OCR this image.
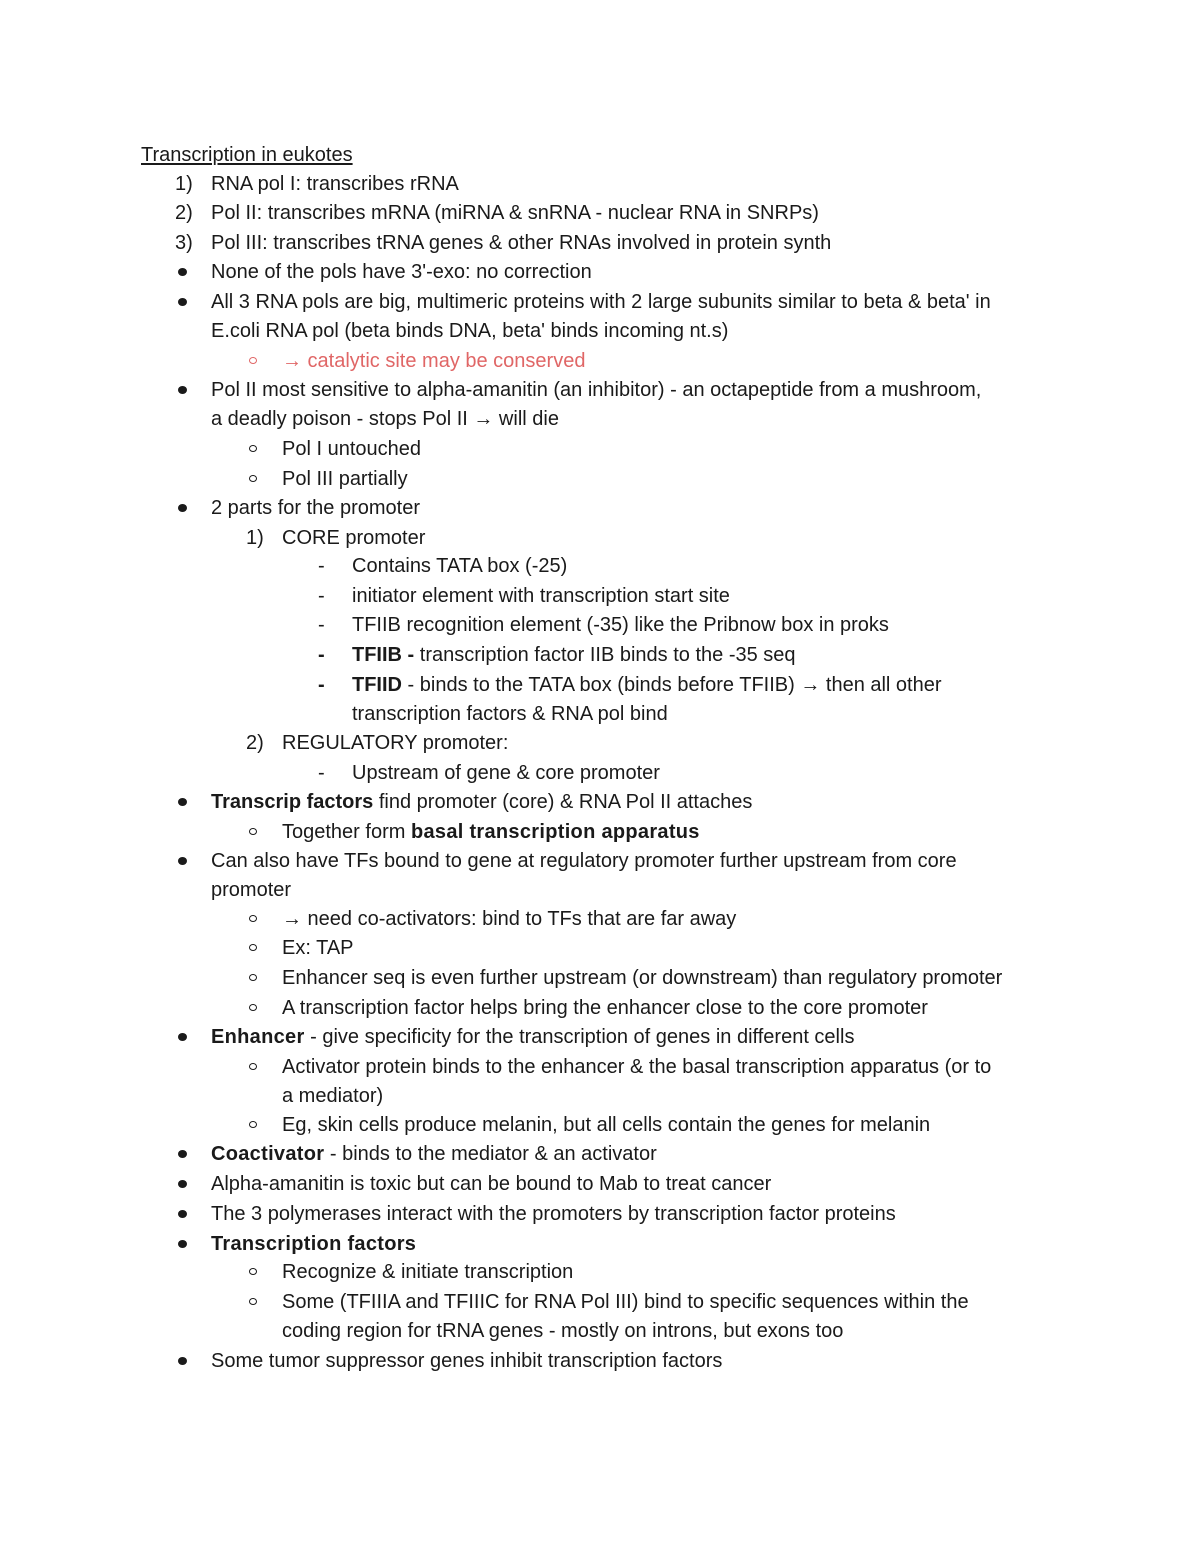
Transcription in eukotes
1) RNA pol I: transcribes rRNA
2) Pol II: transcribes mRNA (miRNA & snRNA - nuclear RNA in SNRPs)
3) Pol III: transcribes tRNA genes & other RNAs involved in protein synth
None of the pols have 3'-exo: no correction
All 3 RNA pols are big, multimeric proteins with 2 large subunits similar to beta & beta' in
E.coli RNA pol (beta binds DNA, beta' binds incoming nt.s)
→ catalytic site may be conserved
Pol II most sensitive to alpha-amanitin (an inhibitor) - an octapeptide from a mushroom,
a deadly poison - stops Pol II → will die
Pol I untouched
Pol III partially
2 parts for the promoter
1) CORE promoter
- Contains TATA box (-25)
- initiator element with transcription start site
- TFIIB recognition element (-35) like the Pribnow box in proks
- TFIIB - transcription factor IIB binds to the -35 seq
- TFIID - binds to the TATA box (binds before TFIIB) → then all other
transcription factors & RNA pol bind
2) REGULATORY promoter:
- Upstream of gene & core promoter
Transcrip factors find promoter (core) & RNA Pol II attaches
Together form basal transcription apparatus
Can also have TFs bound to gene at regulatory promoter further upstream from core
promoter
→ need co-activators: bind to TFs that are far away
Ex: TAP
Enhancer seq is even further upstream (or downstream) than regulatory promoter
A transcription factor helps bring the enhancer close to the core promoter
Enhancer - give specificity for the transcription of genes in different cells
Activator protein binds to the enhancer & the basal transcription apparatus (or to
a mediator)
Eg, skin cells produce melanin, but all cells contain the genes for melanin
Coactivator - binds to the mediator & an activator
Alpha-amanitin is toxic but can be bound to Mab to treat cancer
The 3 polymerases interact with the promoters by transcription factor proteins
Transcription factors
Recognize & initiate transcription
Some (TFIIIA and TFIIIC for RNA Pol III) bind to specific sequences within the
coding region for tRNA genes - mostly on introns, but exons too
Some tumor suppressor genes inhibit transcription factors
